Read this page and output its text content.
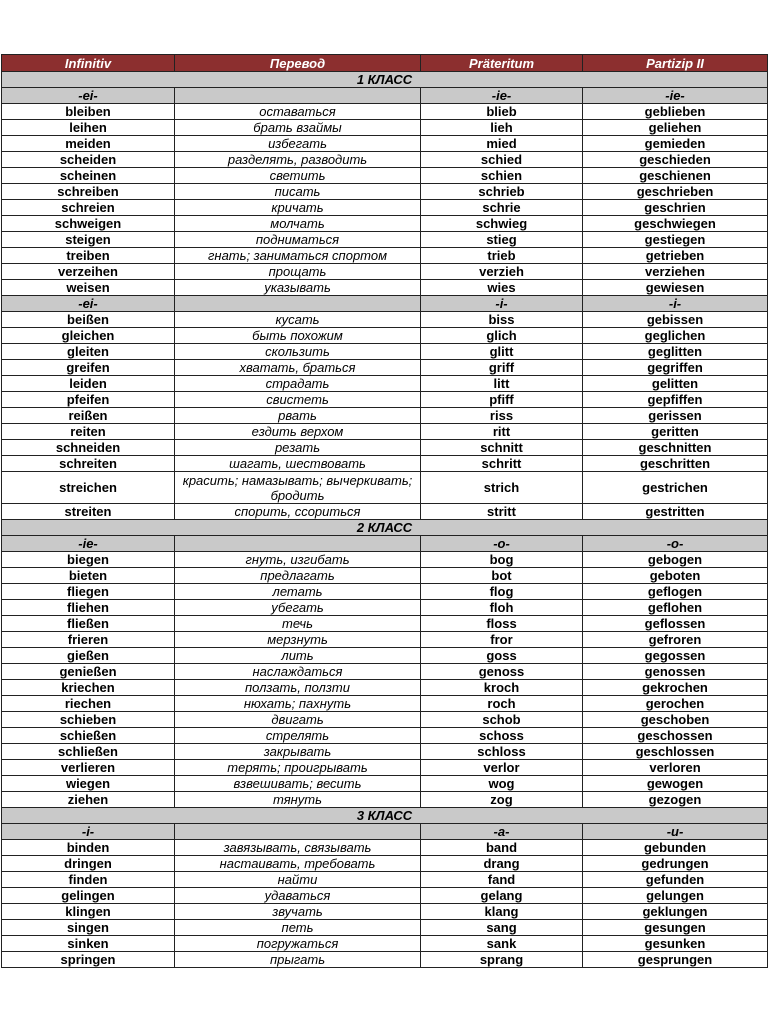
Infinitiv	Перевод	Präteritum	Partizip II
1 КЛАСС			
-ei-		-ie-	-ie-
bleiben	оставаться	blieb	geblieben
leihen	брать взаймы	lieh	geliehen
meiden	избегать	mied	gemieden
scheiden	разделять, разводить	schied	geschieden
scheinen	светить	schien	geschienen
schreiben	писать	schrieb	geschrieben
schreien	кричать	schrie	geschrien
schweigen	молчать	schwieg	geschwiegen
steigen	подниматься	stieg	gestiegen
treiben	гнать; заниматься спортом	trieb	getrieben
verzeihen	прощать	verzieh	verziehen
weisen	указывать	wies	gewiesen
-ei-		-i-	-i-
beißen	кусать	biss	gebissen
gleichen	быть похожим	glich	geglichen
gleiten	скользить	glitt	geglitten
greifen	хватать, браться	griff	gegriffen
leiden	страдать	litt	gelitten
pfeifen	свистеть	pfiff	gepfiffen
reißen	рвать	riss	gerissen
reiten	ездить верхом	ritt	geritten
schneiden	резать	schnitt	geschnitten
schreiten	шагать, шествовать	schritt	geschritten
streichen	красить; намазывать; вычеркивать; бродить	strich	gestrichen
streiten	спорить, ссориться	stritt	gestritten
2 КЛАСС			
-ie-		-o-	-o-
biegen	гнуть, изгибать	bog	gebogen
bieten	предлагать	bot	geboten
fliegen	летать	flog	geflogen
fliehen	убегать	floh	geflohen
fließen	течь	floss	geflossen
frieren	мерзнуть	fror	gefroren
gießen	лить	goss	gegossen
genießen	наслаждаться	genoss	genossen
kriechen	ползать, ползти	kroch	gekrochen
riechen	нюхать; пахнуть	roch	gerochen
schieben	двигать	schob	geschoben
schießen	стрелять	schoss	geschossen
schließen	закрывать	schloss	geschlossen
verlieren	терять; проигрывать	verlor	verloren
wiegen	взвешивать; весить	wog	gewogen
ziehen	тянуть	zog	gezogen
3 КЛАСС			
-i-		-a-	-u-
binden	завязывать, связывать	band	gebunden
dringen	настаивать, требовать	drang	gedrungen
finden	найти	fand	gefunden
gelingen	удаваться	gelang	gelungen
klingen	звучать	klang	geklungen
singen	петь	sang	gesungen
sinken	погружаться	sank	gesunken
springen	прыгать	sprang	gesprungen
